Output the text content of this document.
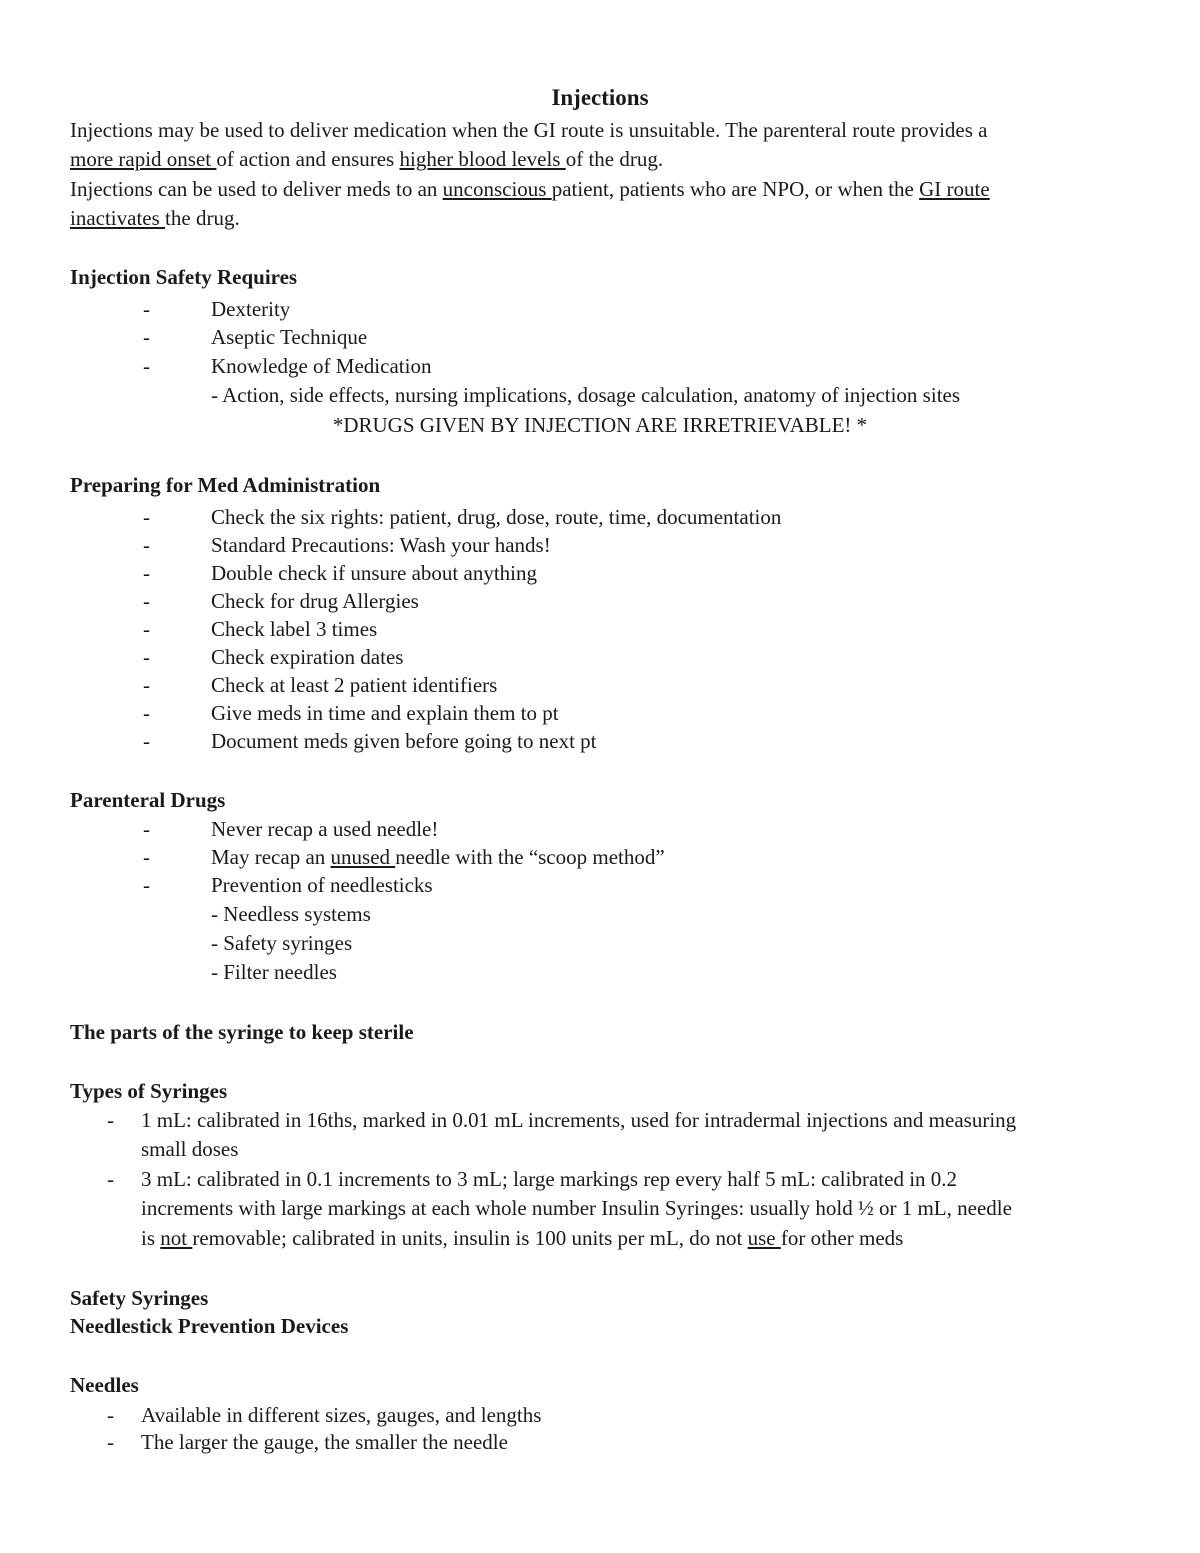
Injections
Injections may be used to deliver medication when the GI route is unsuitable. The parenteral route provides a
more rapid onset of action and ensures higher blood levels of the drug.
Injections can be used to deliver meds to an unconscious patient, patients who are NPO, or when the GI route
inactivates the drug.
Injection Safety Requires
-	Dexterity
-	Aseptic Technique
-	Knowledge of Medication
- Action, side effects, nursing implications, dosage calculation, anatomy of injection sites
*DRUGS GIVEN BY INJECTION ARE IRRETRIEVABLE! *
Preparing for Med Administration
-	Check the six rights: patient, drug, dose, route, time, documentation
-	Standard Precautions: Wash your hands!
-	Double check if unsure about anything
-	Check for drug Allergies
-	Check label 3 times
-	Check expiration dates
-	Check at least 2 patient identifiers
-	Give meds in time and explain them to pt
-	Document meds given before going to next pt
Parenteral Drugs
-	Never recap a used needle!
-	May recap an unused needle with the “scoop method”
-	Prevention of needlesticks
- Needless systems
- Safety syringes
- Filter needles
The parts of the syringe to keep sterile
Types of Syringes
- 1 mL: calibrated in 16ths, marked in 0.01 mL increments, used for intradermal injections and measuring
small doses
- 3 mL: calibrated in 0.1 increments to 3 mL; large markings rep every half 5 mL: calibrated in 0.2
increments with large markings at each whole number Insulin Syringes: usually hold ½ or 1 mL, needle
is not removable; calibrated in units, insulin is 100 units per mL, do not use for other meds
Safety Syringes
Needlestick Prevention Devices
Needles
- Available in different sizes, gauges, and lengths
- The larger the gauge, the smaller the needle
